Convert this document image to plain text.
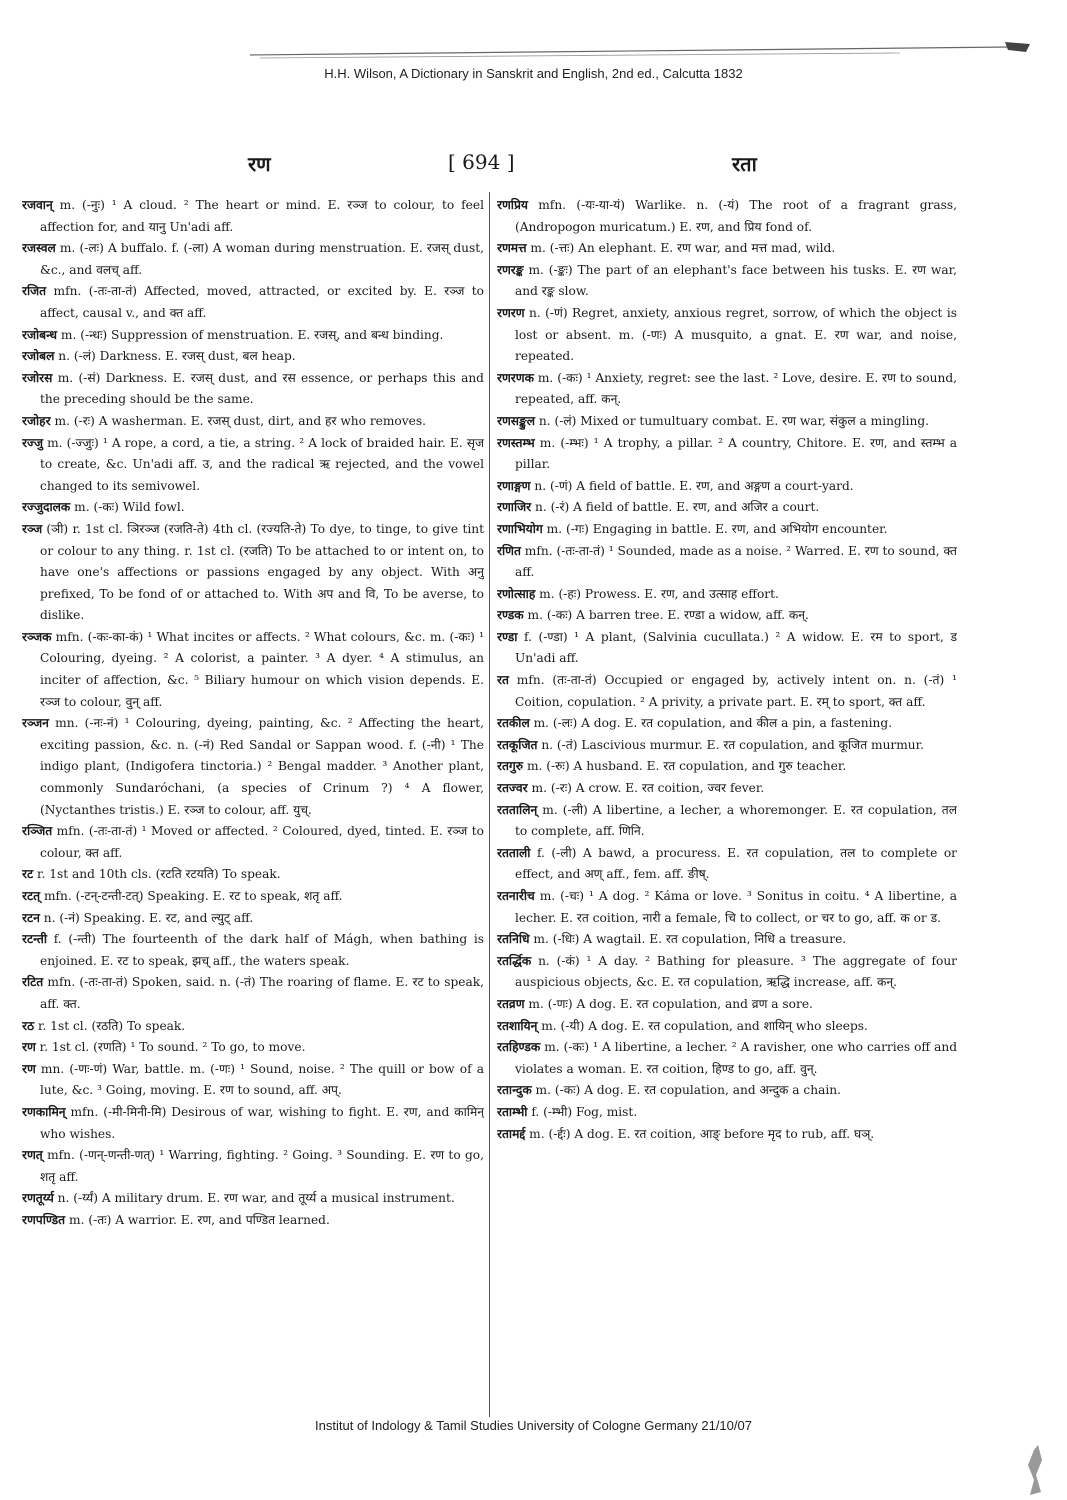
H.H. Wilson, A Dictionary in Sanskrit and English, 2nd ed., Calcutta 1832
रण	[ 694 ]	रता

रजवान् m. (-नुः) ¹ A cloud. ² The heart or mind. E. रञ्ज to colour, to feel affection for, and यानु Un'adi aff.

रजस्वल m. (-लः) A buffalo. f. (-ला) A woman during menstruation. E. रजस् dust, &c., and वलच् aff.

रजित mfn. (-तः-ता-तं) Affected, moved, attracted, or excited by. E. रञ्ज to affect, causal v., and क्त aff.

रजोबन्ध m. (-न्धः) Suppression of menstruation. E. रजस्, and बन्ध binding.

रजोबल n. (-लं) Darkness. E. रजस् dust, बल heap.

रजोरस m. (-सं) Darkness. E. रजस् dust, and रस essence, or perhaps this and the preceding should be the same.

रजोहर m. (-रः) A washerman. E. रजस् dust, dirt, and हर who removes.

रज्जु m. (-ज्जुः) ¹ A rope, a cord, a tie, a string. ² A lock of braided hair. E. सृज to create, &c. Un'adi aff. उ, and the radical ऋ rejected, and the vowel changed to its semivowel.

रज्जुदालक m. (-कः) Wild fowl.

रञ्ज (ञी) r. 1st cl. ञिरञ्ज (रजति-ते) 4th cl. (रज्यति-ते) To dye, to tinge, to give tint or colour to any thing. r. 1st cl. (रजति) To be attached to or intent on, to have one's affections or passions engaged by any object. With अनु prefixed, To be fond of or attached to. With अप and वि, To be averse, to dislike.

रञ्जक mfn. (-कः-का-कं) ¹ What incites or affects. ² What colours, &c. m. (-कः) ¹ Colouring, dyeing. ² A colorist, a painter. ³ A dyer. ⁴ A stimulus, an inciter of affection, &c. ⁵ Biliary humour on which vision depends. E. रञ्ज to colour, वुन् aff.

रञ्जन mn. (-नः-नं) ¹ Colouring, dyeing, painting, &c. ² Affecting the heart, exciting passion, &c. n. (-नं) Red Sandal or Sappan wood. f. (-नी) ¹ The indigo plant, (Indigofera tinctoria.) ² Bengal madder. ³ Another plant, commonly Sundaróchani, (a species of Crinum ?) ⁴ A flower, (Nyctanthes tristis.) E. रञ्ज to colour, aff. युच्.

रञ्जित mfn. (-तः-ता-तं) ¹ Moved or affected. ² Coloured, dyed, tinted. E. रञ्ज to colour, क्त aff.

रट r. 1st and 10th cls. (रटति रटयति) To speak.

रटत् mfn. (-टन्-टन्ती-टत्) Speaking. E. रट to speak, शतृ aff.

रटन n. (-नं) Speaking. E. रट, and ल्युट् aff.

रटन्ती f. (-न्ती) The fourteenth of the dark half of Mágh, when bathing is enjoined. E. रट to speak, झच् aff., the waters speak.

रटित mfn. (-तः-ता-तं) Spoken, said. n. (-तं) The roaring of flame. E. रट to speak, aff. क्त.

रठ r. 1st cl. (रठति) To speak.

रण r. 1st cl. (रणति) ¹ To sound. ² To go, to move.

रण mn. (-णः-णं) War, battle. m. (-णः) ¹ Sound, noise. ² The quill or bow of a lute, &c. ³ Going, moving. E. रण to sound, aff. अप्.

रणकामिन् mfn. (-मी-मिनी-मि) Desirous of war, wishing to fight. E. रण, and कामिन् who wishes.

रणत् mfn. (-णन्-णन्ती-णत्) ¹ Warring, fighting. ² Going. ³ Sounding. E. रण to go, शतृ aff.

रणतूर्य्य n. (-र्य्यं) A military drum. E. रण war, and तूर्य्य a musical instrument.

रणपण्डित m. (-तः) A warrior. E. रण, and पण्डित learned.

रणप्रिय mfn. (-यः-या-यं) Warlike. n. (-यं) The root of a fragrant grass, (Andropogon muricatum.) E. रण, and प्रिय fond of.

रणमत्त m. (-त्तः) An elephant. E. रण war, and मत्त mad, wild.

रणरङ्क m. (-ङ्कः) The part of an elephant's face between his tusks. E. रण war, and रङ्क slow.

रणरण n. (-णं) Regret, anxiety, anxious regret, sorrow, of which the object is lost or absent. m. (-णः) A musquito, a gnat. E. रण war, and noise, repeated.

रणरणक m. (-कः) ¹ Anxiety, regret: see the last. ² Love, desire. E. रण to sound, repeated, aff. कन्.

रणसङ्कुल n. (-लं) Mixed or tumultuary combat. E. रण war, संकुल a mingling.

रणस्तम्भ m. (-म्भः) ¹ A trophy, a pillar. ² A country, Chitore. E. रण, and स्तम्भ a pillar.

रणाङ्गण n. (-णं) A field of battle. E. रण, and अङ्गण a court-yard.

रणाजिर n. (-रं) A field of battle. E. रण, and अजिर a court.

रणाभियोग m. (-गः) Engaging in battle. E. रण, and अभियोग encounter.

रणित mfn. (-तः-ता-तं) ¹ Sounded, made as a noise. ² Warred. E. रण to sound, क्त aff.

रणोत्साह m. (-हः) Prowess. E. रण, and उत्साह effort.

रण्डक m. (-कः) A barren tree. E. रण्डा a widow, aff. कन्.

रण्डा f. (-ण्डा) ¹ A plant, (Salvinia cucullata.) ² A widow. E. रम to sport, ड Un'adi aff.

रत mfn. (तः-ता-तं) Occupied or engaged by, actively intent on. n. (-तं) ¹ Coition, copulation. ² A privity, a private part. E. रम् to sport, क्त aff.

रतकील m. (-लः) A dog. E. रत copulation, and कील a pin, a fastening.

रतकूजित n. (-तं) Lascivious murmur. E. रत copulation, and कूजित murmur.

रतगुरु m. (-रुः) A husband. E. रत copulation, and गुरु teacher.

रतज्वर m. (-रः) A crow. E. रत coition, ज्वर fever.

रततालिन् m. (-ली) A libertine, a lecher, a whoremonger. E. रत copulation, तल to complete, aff. णिनि.

रतताली f. (-ली) A bawd, a procuress. E. रत copulation, तल to complete or effect, and अण् aff., fem. aff. ङीष्.

रतनारीच m. (-चः) ¹ A dog. ² Káma or love. ³ Sonitus in coitu. ⁴ A libertine, a lecher. E. रत coition, नारी a female, चि to collect, or चर to go, aff. क or ड.

रतनिधि m. (-धिः) A wagtail. E. रत copulation, निधि a treasure.

रतर्द्धिक n. (-कं) ¹ A day. ² Bathing for pleasure. ³ The aggregate of four auspicious objects, &c. E. रत copulation, ऋद्धि increase, aff. कन्.

रतव्रण m. (-णः) A dog. E. रत copulation, and व्रण a sore.

रतशायिन् m. (-यी) A dog. E. रत copulation, and शायिन् who sleeps.

रतहिण्डक m. (-कः) ¹ A libertine, a lecher. ² A ravisher, one who carries off and violates a woman. E. रत coition, हिण्ड to go, aff. वुन्.

रतान्दुक m. (-कः) A dog. E. रत copulation, and अन्दुक a chain.

रताम्भी f. (-म्भी) Fog, mist.

रतामर्द्द m. (-र्द्दः) A dog. E. रत coition, आङ् before मृद to rub, aff. घञ्.

Institut of Indology & Tamil Studies University of Cologne Germany 21/10/07
